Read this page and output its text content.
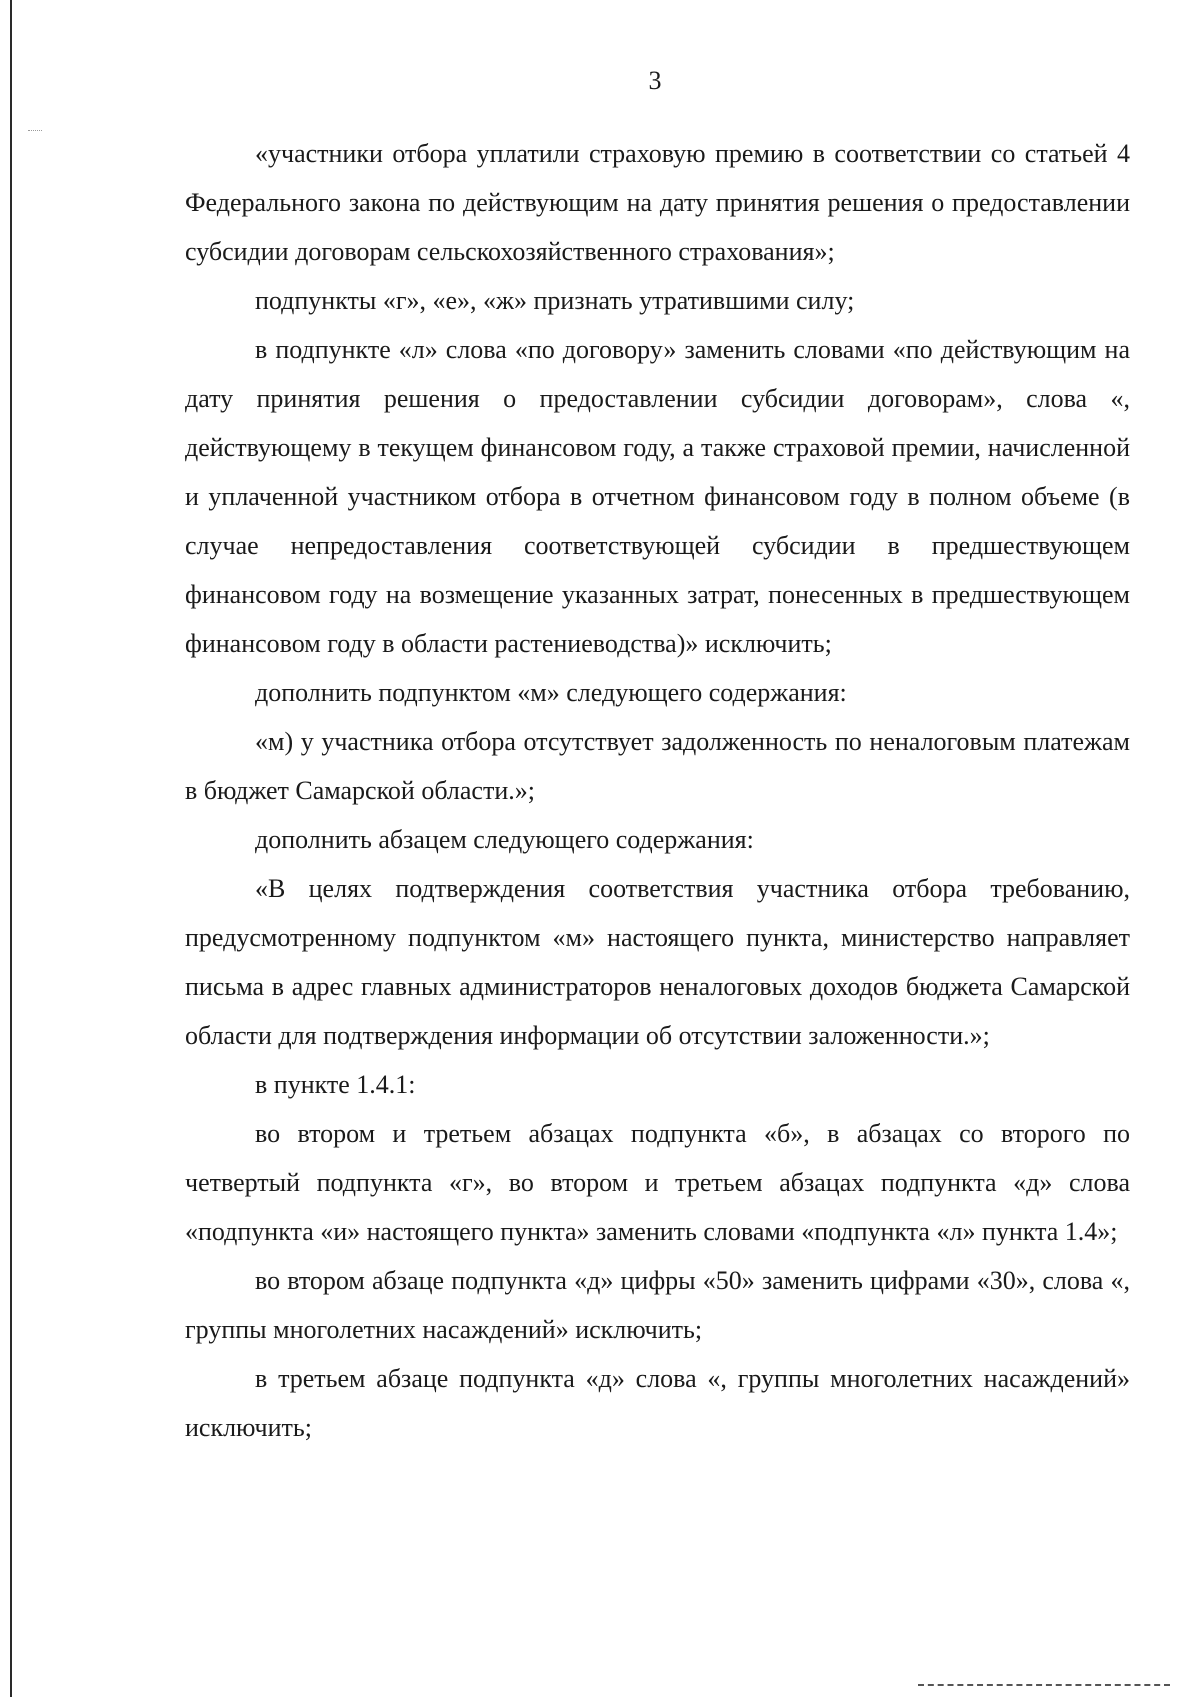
3

«участники отбора уплатили страховую премию в соответствии со статьей 4 Федерального закона по действующим на дату принятия решения о предоставлении субсидии договорам сельскохозяйственного страхования»;

подпункты «г», «е», «ж» признать утратившими силу;

в подпункте «л» слова «по договору» заменить словами «по действующим на дату принятия решения о предоставлении субсидии договорам», слова «, действующему в текущем финансовом году, а также страховой премии, начисленной и уплаченной участником отбора в отчетном финансовом году в полном объеме (в случае непредоставления соответствующей субсидии в предшествующем финансовом году на возмещение указанных затрат, понесенных в предшествующем финансовом году в области растениеводства)» исключить;

дополнить подпунктом «м» следующего содержания:

«м) у участника отбора отсутствует задолженность по неналоговым платежам в бюджет Самарской области.»;

дополнить абзацем следующего содержания:

«В целях подтверждения соответствия участника отбора требованию, предусмотренному подпунктом «м» настоящего пункта, министерство направляет письма в адрес главных администраторов неналоговых доходов бюджета Самарской области для подтверждения информации об отсутствии заложенности.»;

в пункте 1.4.1:

во втором и третьем абзацах подпункта «б», в абзацах со второго по четвертый подпункта «г», во втором и третьем абзацах подпункта «д» слова «подпункта «и» настоящего пункта» заменить словами «подпункта «л» пункта 1.4»;

во втором абзаце подпункта «д» цифры «50» заменить цифрами «30», слова «, группы многолетних насаждений» исключить;

в третьем абзаце подпункта «д» слова «, группы многолетних насаждений» исключить;
